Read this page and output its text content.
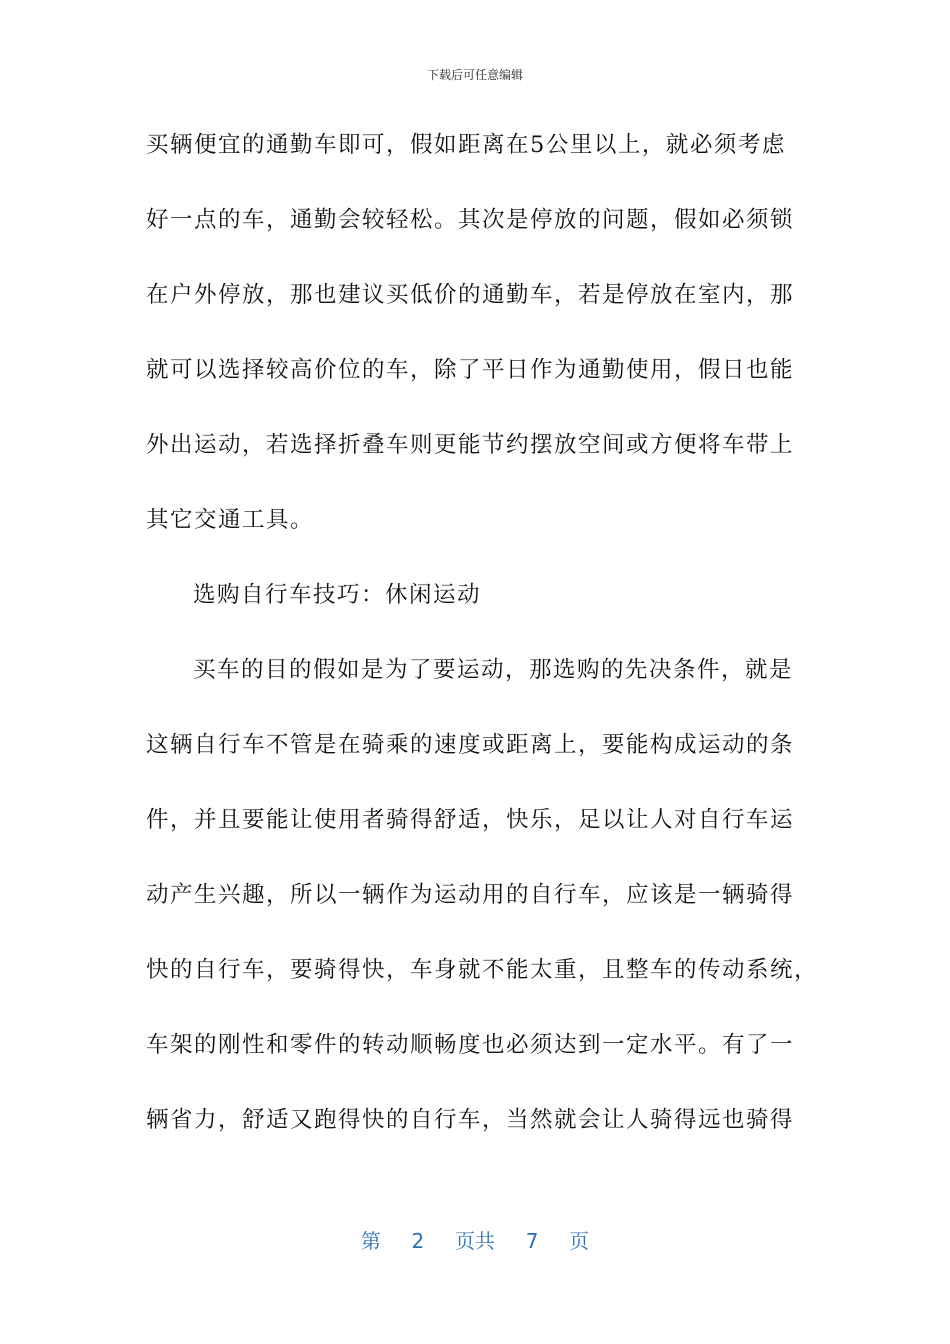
下载后可任意编辑
买辆便宜的通勤车即可，假如距离在5公里以上，就必须考虑
好一点的车，通勤会较轻松。其次是停放的问题，假如必须锁
在户外停放，那也建议买低价的通勤车，若是停放在室内，那
就可以选择较高价位的车，除了平日作为通勤使用，假日也能
外出运动，若选择折叠车则更能节约摆放空间或方便将车带上
其它交通工具。
选购自行车技巧：休闲运动
买车的目的假如是为了要运动，那选购的先决条件，就是
这辆自行车不管是在骑乘的速度或距离上，要能构成运动的条
件，并且要能让使用者骑得舒适，快乐，足以让人对自行车运
动产生兴趣，所以一辆作为运动用的自行车，应该是一辆骑得
快的自行车，要骑得快，车身就不能太重，且整车的传动系统，
车架的刚性和零件的转动顺畅度也必须达到一定水平。有了一
辆省力，舒适又跑得快的自行车，当然就会让人骑得远也骑得
第 2 页共 7 页
